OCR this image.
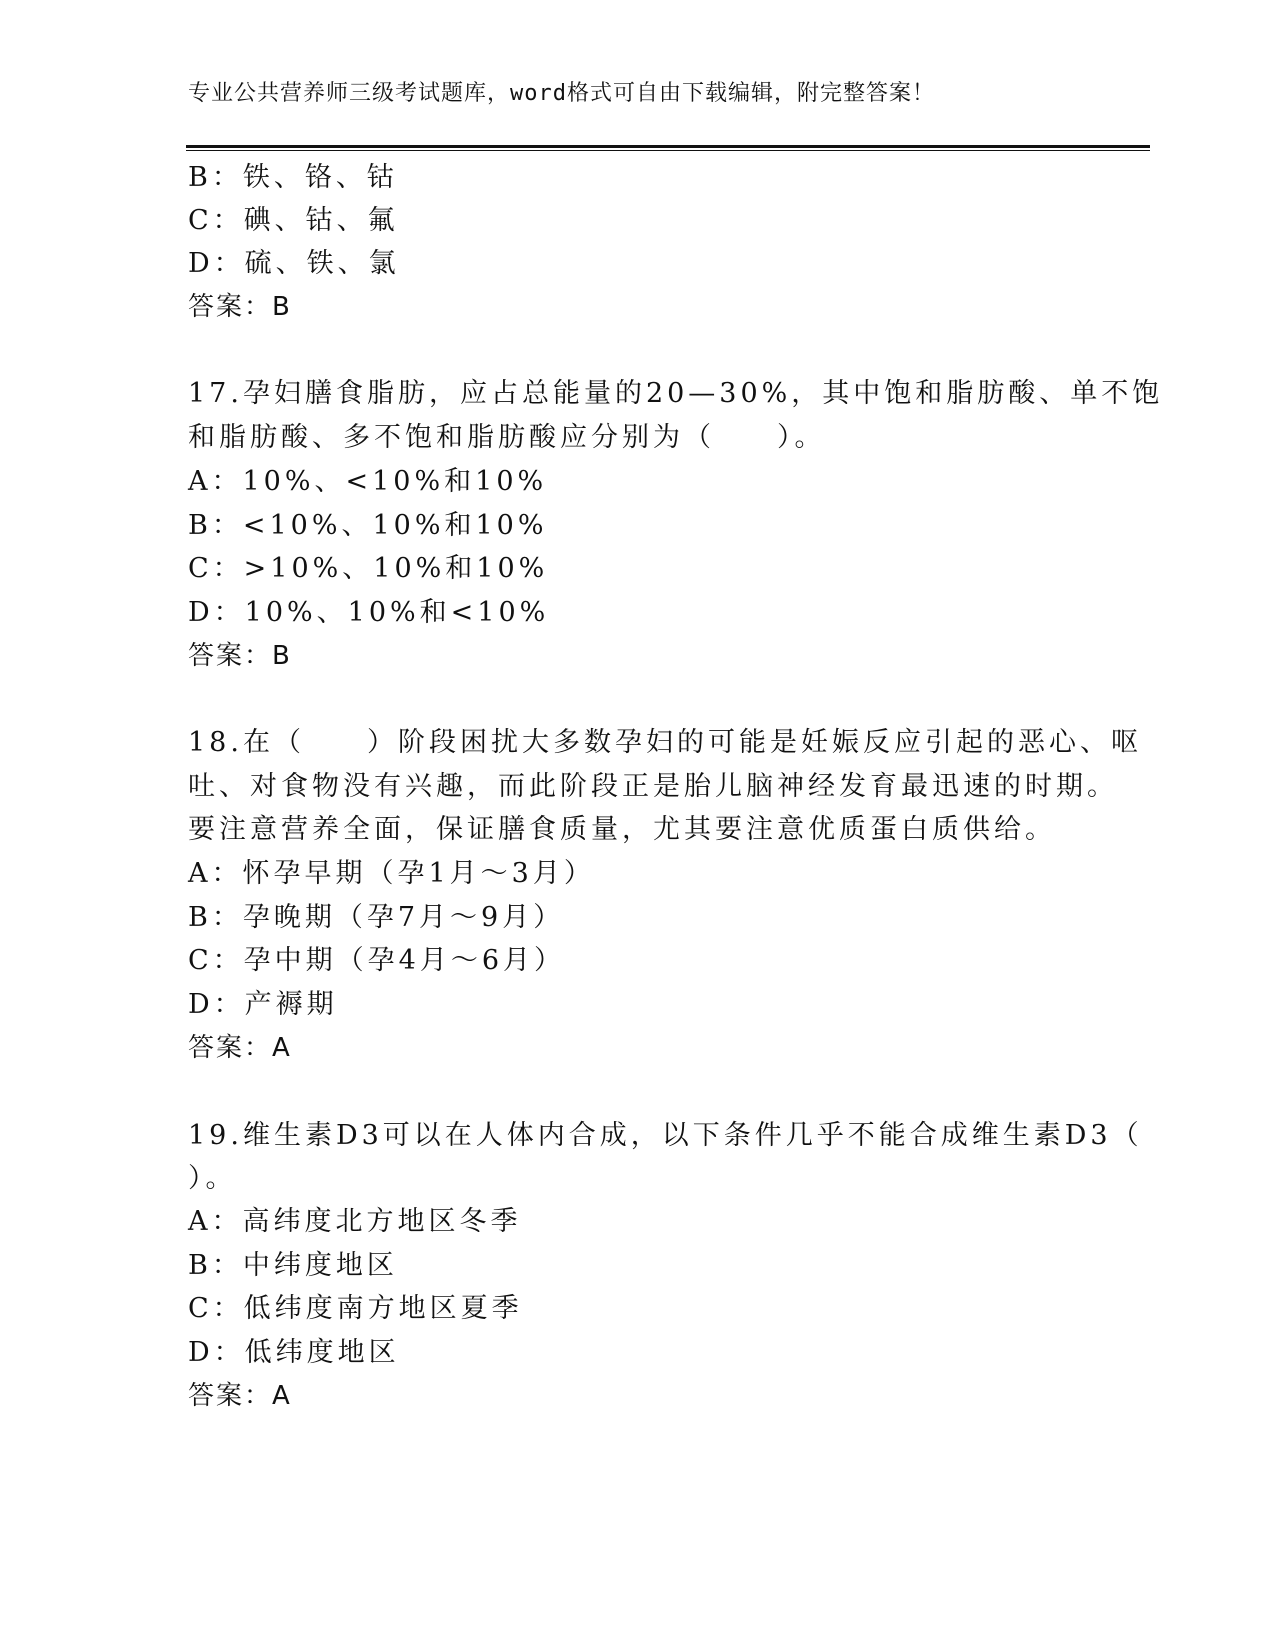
专业公共营养师三级考试题库，word格式可自由下载编辑，附完整答案！
B：铁、铬、钴
C：碘、钴、氟
D：硫、铁、氯
答案：B
17.孕妇膳食脂肪，应占总能量的20—30%，其中饱和脂肪酸、单不饱
和脂肪酸、多不饱和脂肪酸应分别为（　　）。
A：10%、<10%和10%
B：<10%、10%和10%
C：>10%、10%和10%
D：10%、10%和<10%
答案：B
18.在（　　）阶段困扰大多数孕妇的可能是妊娠反应引起的恶心、呕
吐、对食物没有兴趣，而此阶段正是胎儿脑神经发育最迅速的时期。
要注意营养全面，保证膳食质量，尤其要注意优质蛋白质供给。
A：怀孕早期（孕1月～3月）
B：孕晚期（孕7月～9月）
C：孕中期（孕4月～6月）
D：产褥期
答案：A
19.维生素D3可以在人体内合成，以下条件几乎不能合成维生素D3（
）。
A：高纬度北方地区冬季
B：中纬度地区
C：低纬度南方地区夏季
D：低纬度地区
答案：A
